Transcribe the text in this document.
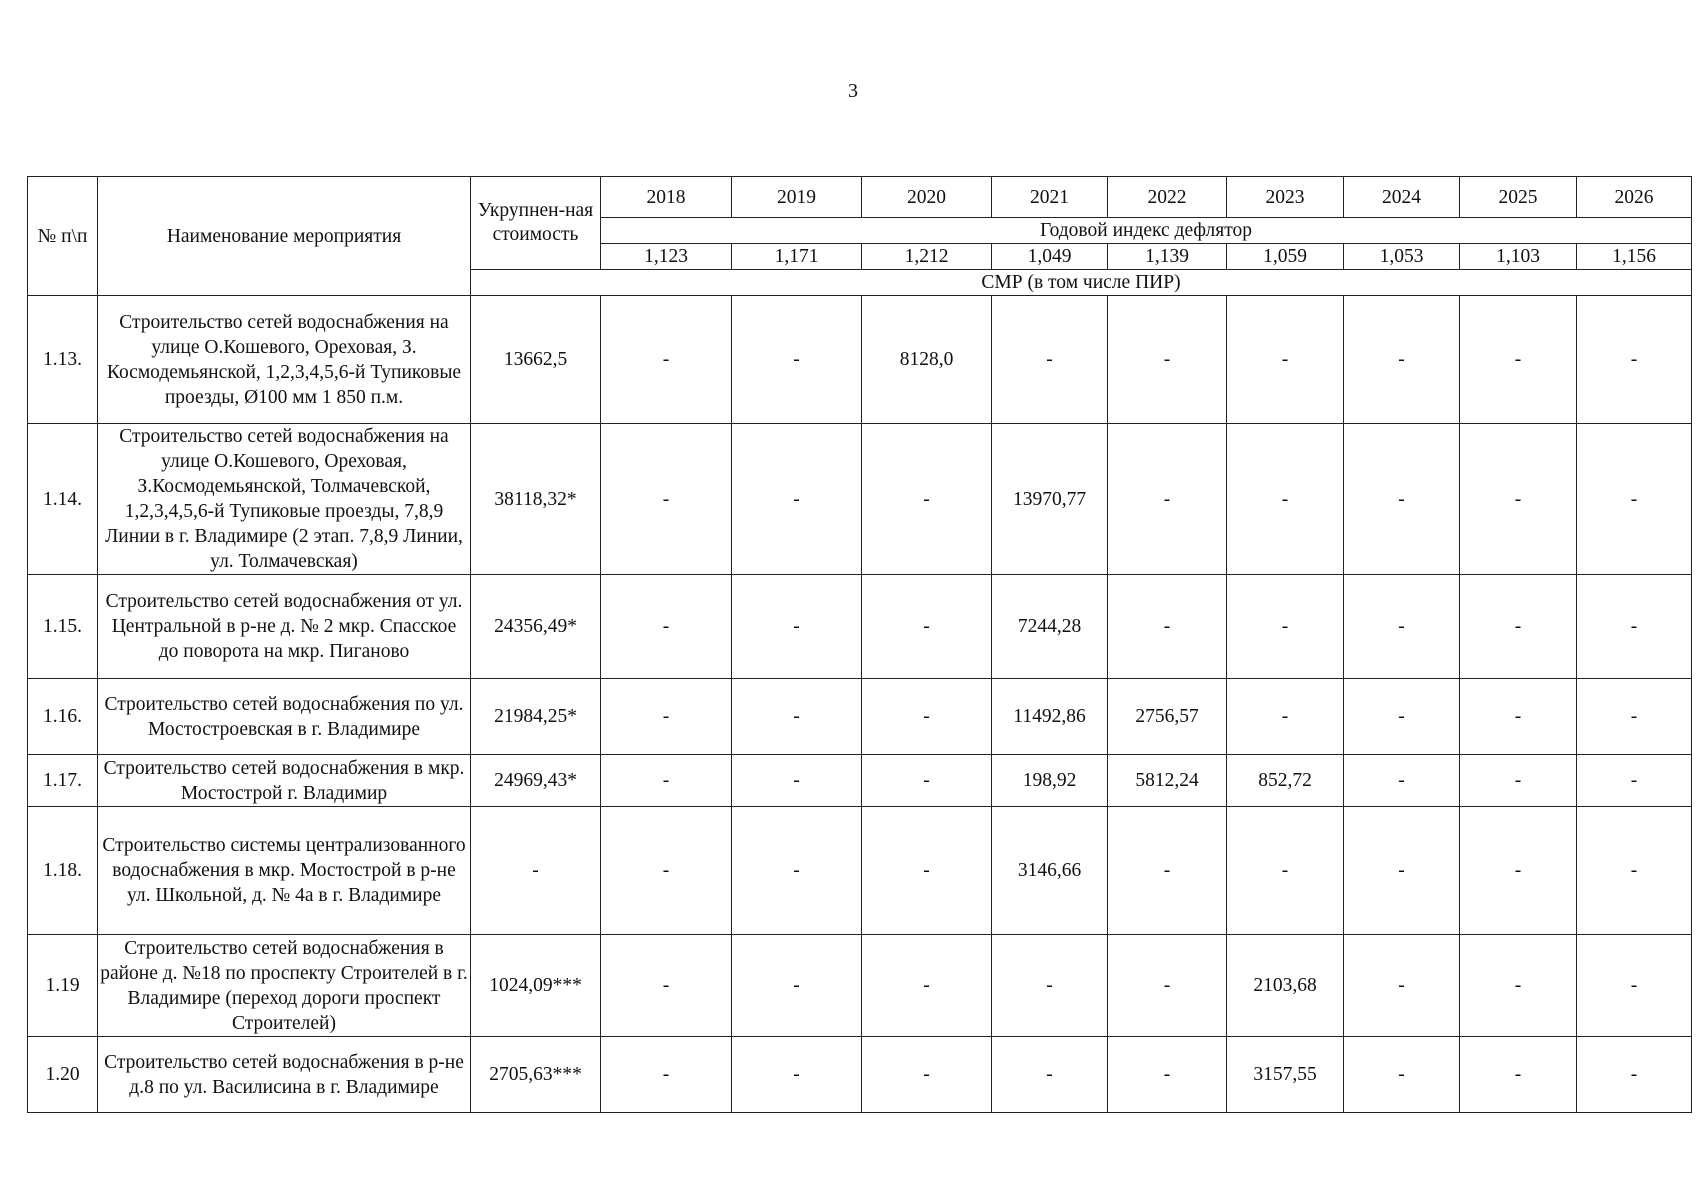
3
№ п\п	Наименование мероприятия	Укрупнен-ная стоимость	2018	2019	2020	2021	2022	2023	2024	2025	2026
			Годовой индекс дефлятор								
			1,123	1,171	1,212	1,049	1,139	1,059	1,053	1,103	1,156
		СМР (в том числе ПИР)									
1.13.	Строительство сетей водоснабжения на улице О.Кошевого, Ореховая, З. Космодемьянской, 1,2,3,4,5,6-й Тупиковые проезды, Ø100 мм 1 850 п.м.	13662,5	-	-	8128,0	-	-	-	-	-	-
1.14.	Строительство сетей водоснабжения на улице О.Кошевого, Ореховая, З.Космодемьянской, Толмачевской, 1,2,3,4,5,6-й Тупиковые проезды, 7,8,9 Линии в г. Владимире (2 этап. 7,8,9 Линии, ул. Толмачевская)	38118,32*	-	-	-	13970,77	-	-	-	-	-
1.15.	Строительство сетей водоснабжения от ул. Центральной в р-не д. № 2 мкр. Спасское до поворота на мкр. Пиганово	24356,49*	-	-	-	7244,28	-	-	-	-	-
1.16.	Строительство сетей водоснабжения по ул. Мостостроевская в г. Владимире	21984,25*	-	-	-	11492,86	2756,57	-	-	-	-
1.17.	Строительство сетей водоснабжения в мкр. Мостострой г. Владимир	24969,43*	-	-	-	198,92	5812,24	852,72	-	-	-
1.18.	Строительство системы централизованного водоснабжения в мкр. Мостострой в р-не ул. Школьной, д. № 4а в г. Владимире	-	-	-	-	3146,66	-	-	-	-	-
1.19	Строительство сетей водоснабжения в районе д. №18 по проспекту Строителей в г. Владимире (переход дороги проспект Строителей)	1024,09***	-	-	-	-	-	2103,68	-	-	-
1.20	Строительство сетей водоснабжения в р-не д.8 по ул. Василисина в г. Владимире	2705,63***	-	-	-	-	-	3157,55	-	-	-
